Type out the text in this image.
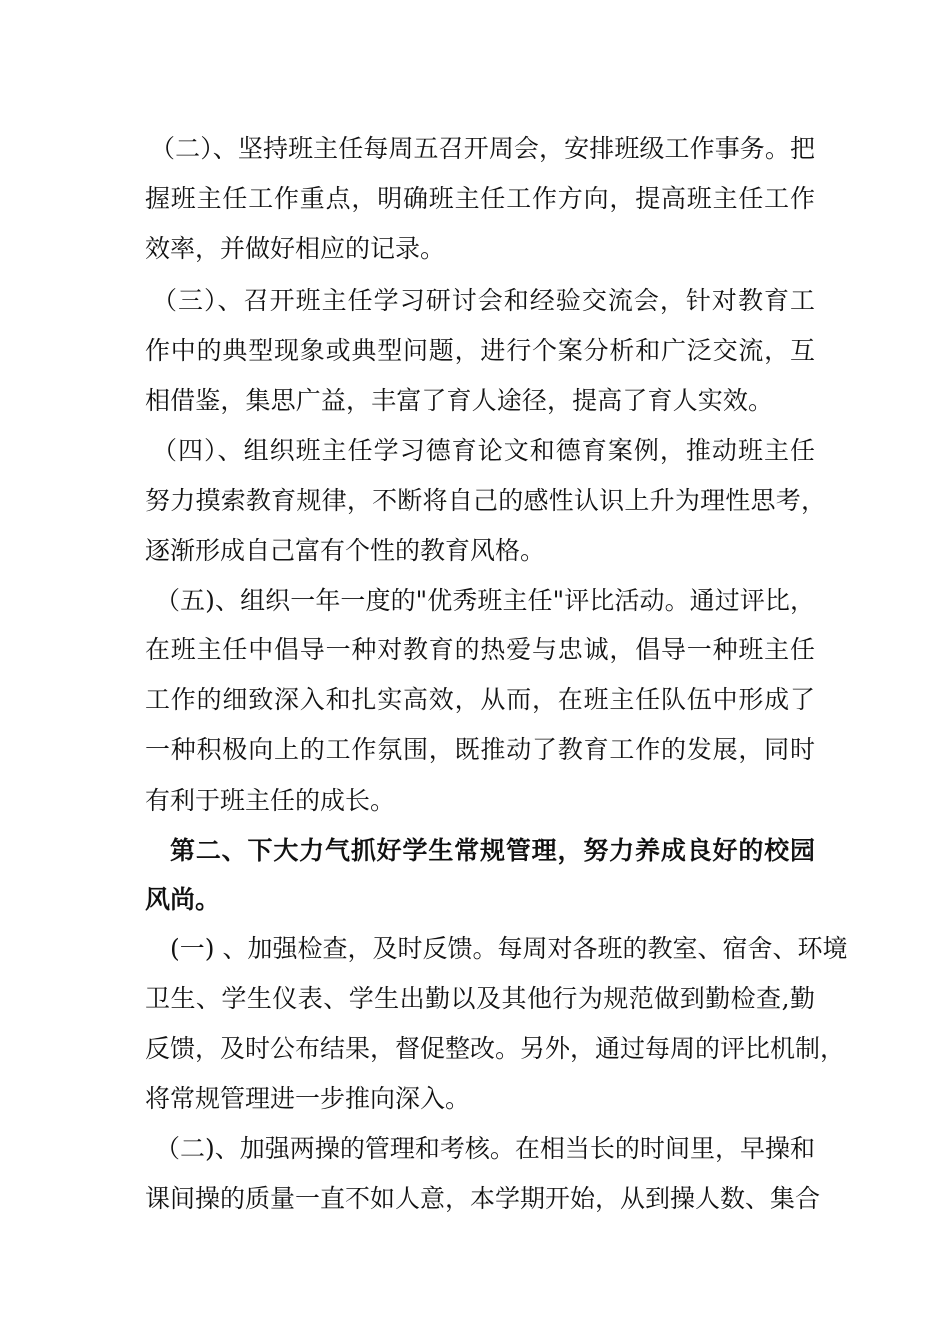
（二）、坚持班主任每周五召开周会，安排班级工作事务。把
握班主任工作重点，明确班主任工作方向，提高班主任工作
效率，并做好相应的记录。
（三）、召开班主任学习研讨会和经验交流会，针对教育工
作中的典型现象或典型问题，进行个案分析和广泛交流，互
相借鉴，集思广益，丰富了育人途径，提高了育人实效。
（四）、组织班主任学习德育论文和德育案例，推动班主任
努力摸索教育规律，不断将自己的感性认识上升为理性思考，
逐渐形成自己富有个性的教育风格。
（五)、组织一年一度的"优秀班主任"评比活动。通过评比，
在班主任中倡导一种对教育的热爱与忠诚，倡导一种班主任
工作的细致深入和扎实高效，从而，在班主任队伍中形成了
一种积极向上的工作氛围，既推动了教育工作的发展，同时
有利于班主任的成长。
第二、下大力气抓好学生常规管理，努力养成良好的校园
风尚。
(一) 、加强检查，及时反馈。每周对各班的教室、宿舍、环境
卫生、学生仪表、学生出勤以及其他行为规范做到勤检查,勤
反馈，及时公布结果，督促整改。另外，通过每周的评比机制，
将常规管理进一步推向深入。
（二)、加强两操的管理和考核。在相当长的时间里，早操和
课间操的质量一直不如人意，本学期开始，从到操人数、集合
